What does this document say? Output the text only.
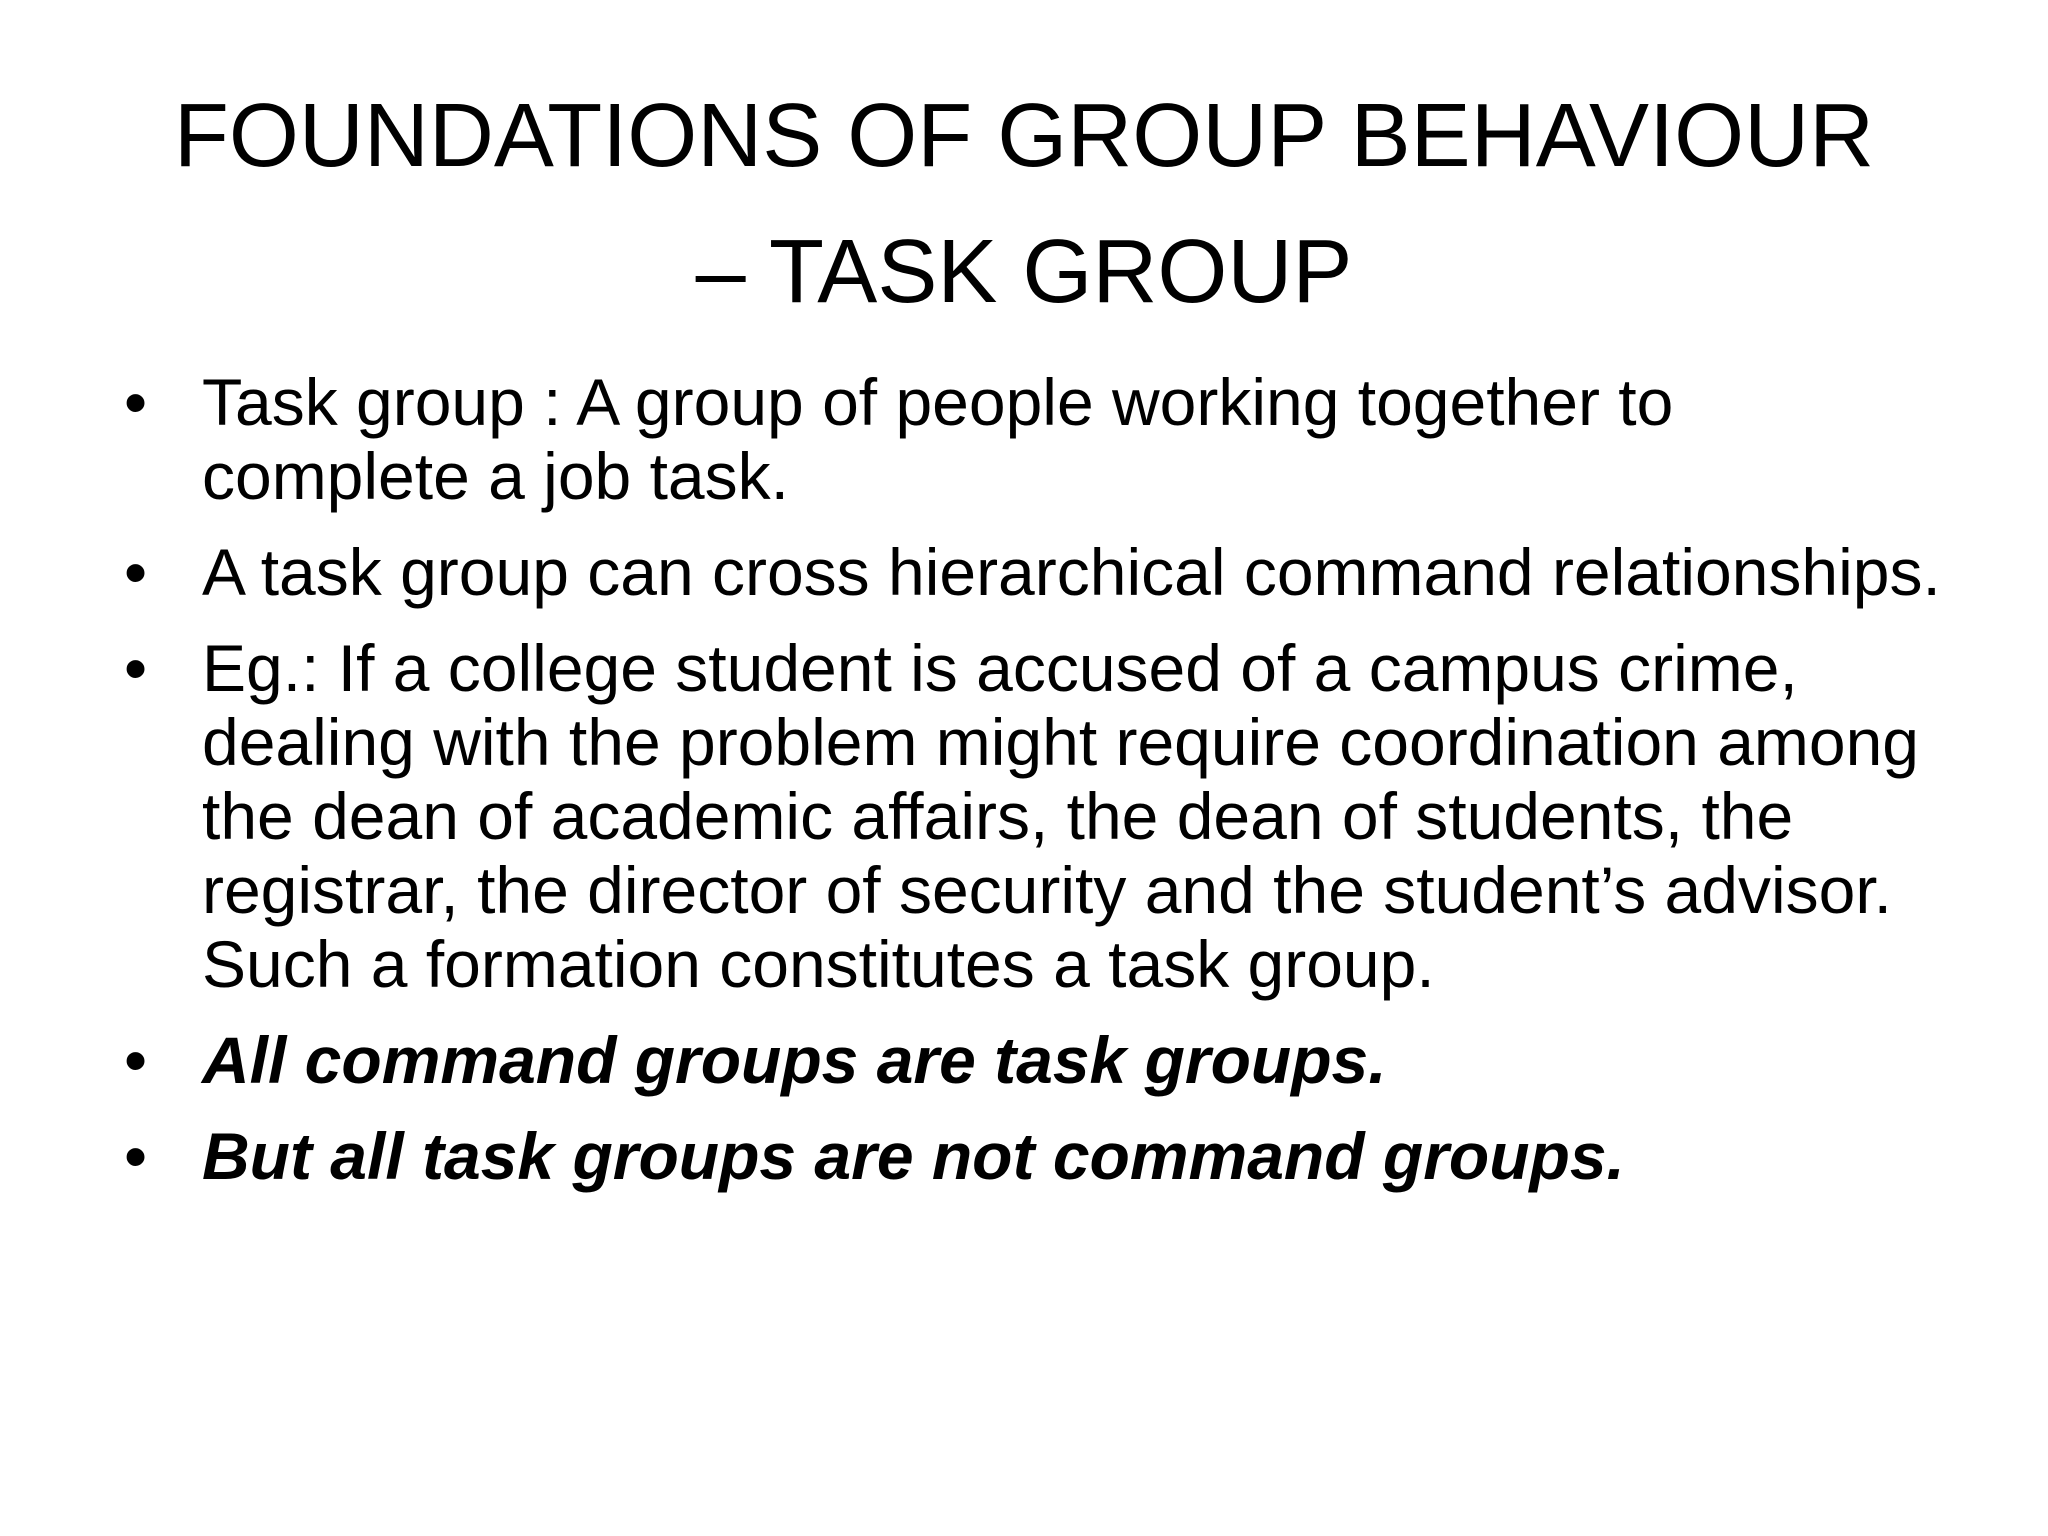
FOUNDATIONS OF GROUP BEHAVIOUR
– TASK GROUP
• Task group : A group of people working together to complete a job task.
• A task group can cross hierarchical command relationships.
• Eg.: If a college student is accused of a campus crime, dealing with the problem might require coordination among the dean of academic affairs, the dean of students, the registrar, the director of security and the student’s advisor. Such a formation constitutes a task group.
• All command groups are task groups.
• But all task groups are not command groups.
